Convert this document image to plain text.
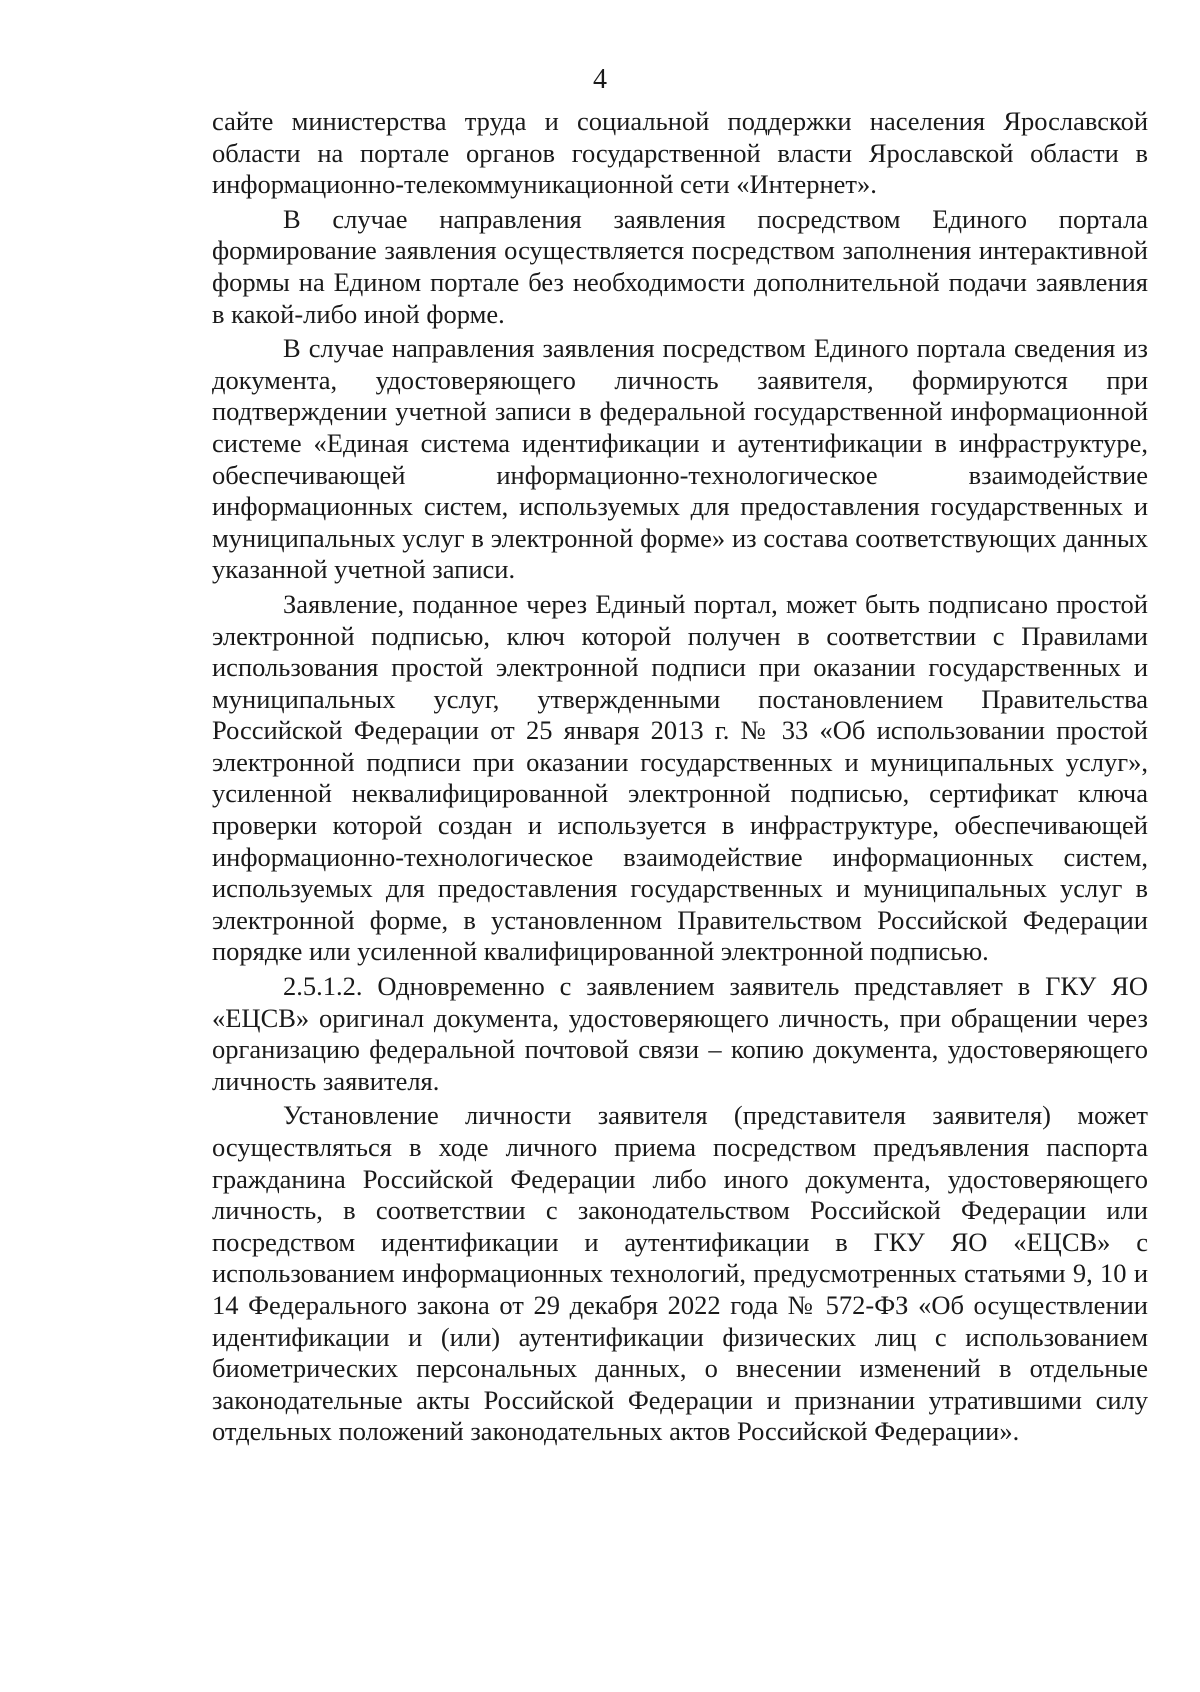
4

сайте министерства труда и социальной поддержки населения Ярославской области на портале органов государственной власти Ярославской области в информационно-телекоммуникационной сети «Интернет».

В случае направления заявления посредством Единого портала формирование заявления осуществляется посредством заполнения интерактивной формы на Едином портале без необходимости дополнительной подачи заявления в какой-либо иной форме.

В случае направления заявления посредством Единого портала сведения из документа, удостоверяющего личность заявителя, формируются при подтверждении учетной записи в федеральной государственной информационной системе «Единая система идентификации и аутентификации в инфраструктуре, обеспечивающей информационно-технологическое взаимодействие информационных систем, используемых для предоставления государственных и муниципальных услуг в электронной форме» из состава соответствующих данных указанной учетной записи.

Заявление, поданное через Единый портал, может быть подписано простой электронной подписью, ключ которой получен в соответствии с Правилами использования простой электронной подписи при оказании государственных и муниципальных услуг, утвержденными постановлением Правительства Российской Федерации от 25 января 2013 г. № 33 «Об использовании простой электронной подписи при оказании государственных и муниципальных услуг», усиленной неквалифицированной электронной подписью, сертификат ключа проверки которой создан и используется в инфраструктуре, обеспечивающей информационно-технологическое взаимодействие информационных систем, используемых для предоставления государственных и муниципальных услуг в электронной форме, в установленном Правительством Российской Федерации порядке или усиленной квалифицированной электронной подписью.

2.5.1.2. Одновременно с заявлением заявитель представляет в ГКУ ЯО «ЕЦСВ» оригинал документа, удостоверяющего личность, при обращении через организацию федеральной почтовой связи – копию документа, удостоверяющего личность заявителя.

Установление личности заявителя (представителя заявителя) может осуществляться в ходе личного приема посредством предъявления паспорта гражданина Российской Федерации либо иного документа, удостоверяющего личность, в соответствии с законодательством Российской Федерации или посредством идентификации и аутентификации в ГКУ ЯО «ЕЦСВ» с использованием информационных технологий, предусмотренных статьями 9, 10 и 14 Федерального закона от 29 декабря 2022 года № 572-ФЗ «Об осуществлении идентификации и (или) аутентификации физических лиц с использованием биометрических персональных данных, о внесении изменений в отдельные законодательные акты Российской Федерации и признании утратившими силу отдельных положений законодательных актов Российской Федерации».
